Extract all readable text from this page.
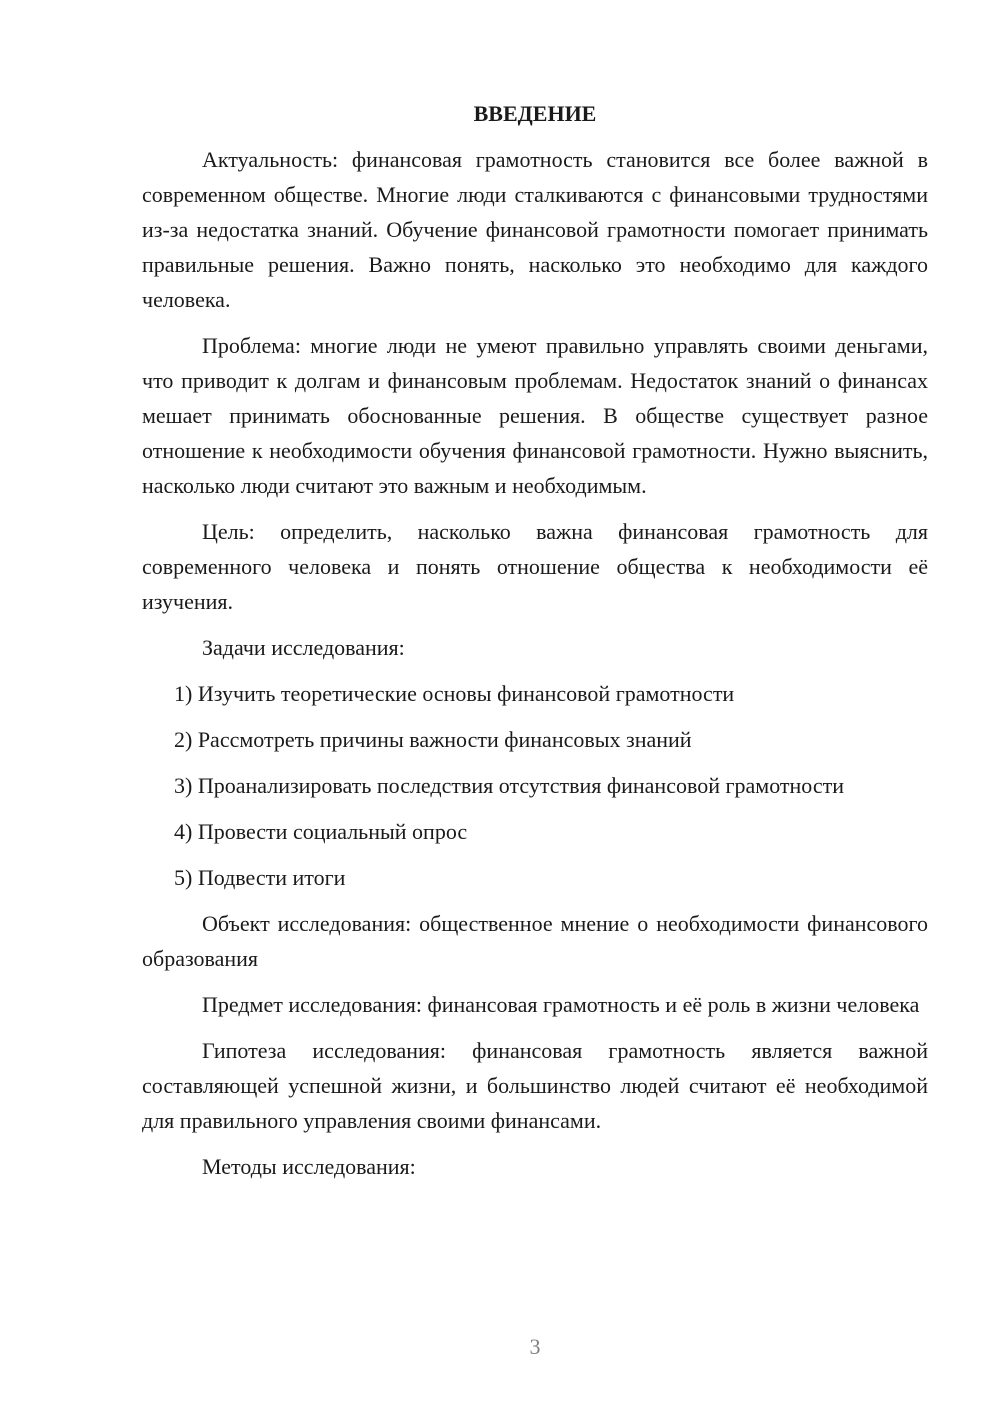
ВВЕДЕНИЕ

Актуальность: финансовая грамотность становится все более важной в современном обществе. Многие люди сталкиваются с финансовыми трудностями из-за недостатка знаний. Обучение финансовой грамотности помогает принимать правильные решения. Важно понять, насколько это необходимо для каждого человека.

Проблема: многие люди не умеют правильно управлять своими деньгами, что приводит к долгам и финансовым проблемам. Недостаток знаний о финансах мешает принимать обоснованные решения. В обществе существует разное отношение к необходимости обучения финансовой грамотности. Нужно выяснить, насколько люди считают это важным и необходимым.

Цель: определить, насколько важна финансовая грамотность для современного человека и понять отношение общества к необходимости её изучения.

Задачи исследования:

1) Изучить теоретические основы финансовой грамотности

2) Рассмотреть причины важности финансовых знаний

3) Проанализировать последствия отсутствия финансовой грамотности

4) Провести социальный опрос

5) Подвести итоги

Объект исследования: общественное мнение о необходимости финансового образования

Предмет исследования: финансовая грамотность и её роль в жизни человека

Гипотеза исследования: финансовая грамотность является важной составляющей успешной жизни, и большинство людей считают её необходимой для правильного управления своими финансами.

Методы исследования:

3
